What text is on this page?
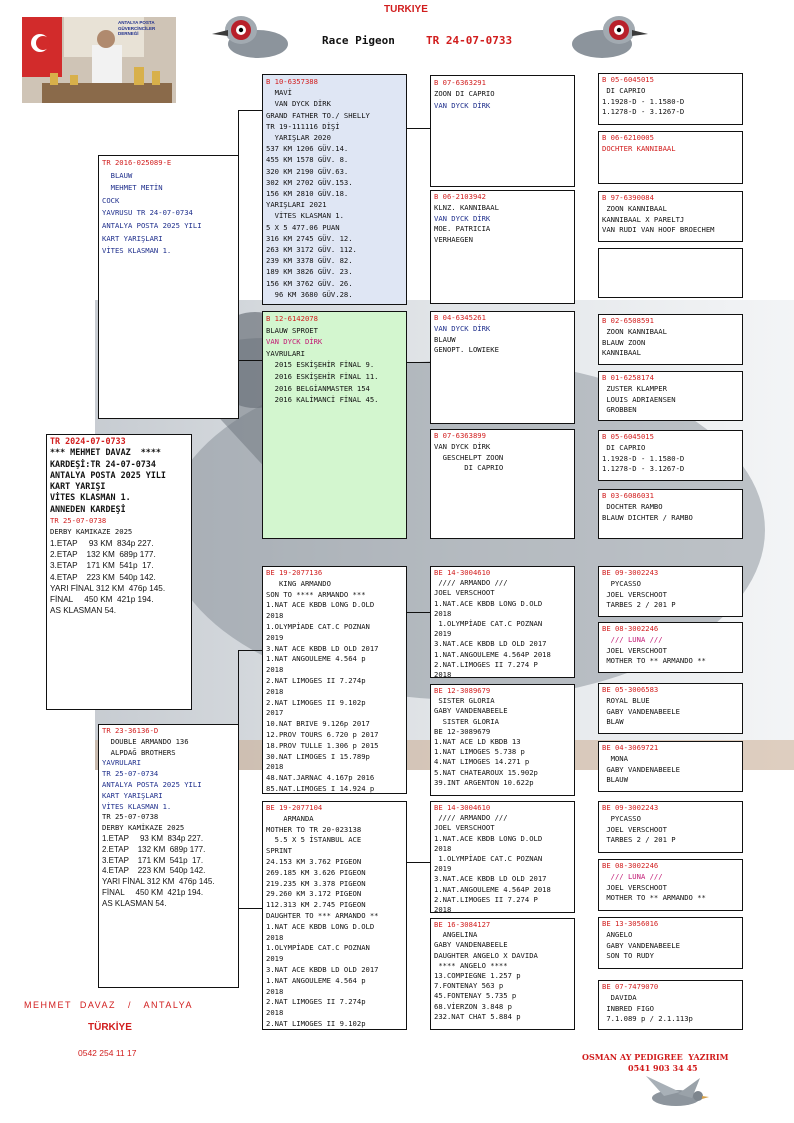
TURKIYE
Race Pigeon	TR 24-07-0733
ANTALYA POSTA
GÜVERCİNCİLER
DERNEĞİ
TR 2024-07-0733
*** MEHMET DAVAZ  ****
KARDEŞİ:TR 24-07-0734
ANTALYA POSTA 2025 YILI
KART YARIŞI
VİTES KLASMAN 1.
ANNEDEN KARDEŞİ
TR 25-07-0738
DERBY KAMIKAZE 2025
1.ETAP     93 KM  834p 227.
2.ETAP    132 KM  689p 177.
3.ETAP    171 KM  541p  17.
4.ETAP    223 KM  540p 142.
YARI FİNAL 312 KM  476p 145.
FİNAL     450 KM  421p 194.
AS KLASMAN 54.
TR 2016-025089-E
BLAUW
MEHMET METİN
COCK
YAVRUSU TR 24-07-0734
ANTALYA POSTA 2025 YILI
KART YARIŞLARI
VİTES KLASMAN 1.
TR 23-36136-D
DOUBLE ARMANDO 136
ALPDAĞ BROTHERS
YAVRULARI
TR 25-07-0734
ANTALYA POSTA 2025 YILI
KART YARIŞLARI
VİTES KLASMAN 1.
TR 25-07-0738
DERBY KAMİKAZE 2025
1.ETAP     93 KM  834p 227.
2.ETAP    132 KM  689p 177.
3.ETAP    171 KM  541p  17.
4.ETAP    223 KM  540p 142.
YARI FİNAL 312 KM  476p 145.
FİNAL     450 KM  421p 194.
AS KLASMAN 54.
B 10-6357388
MAVİ
VAN DYCK DİRK
GRAND FATHER TO./ SHELLY
TR 19-111116 DİŞİ
YARIŞLAR 2020
537 KM 1206 GÜV.14.
455 KM 1578 GÜV. 8.
320 KM 2190 GÜV.63.
302 KM 2702 GÜV.153.
156 KM 2810 GÜV.18.
YARIŞLARI 2021
VİTES KLASMAN 1.
5 X 5 477.06 PUAN
316 KM 2745 GÜV. 12.
263 KM 3172 GÜV. 112.
239 KM 3378 GÜV. 82.
189 KM 3826 GÜV. 23.
156 KM 3762 GÜV. 26.
96 KM 3680 GÜV.28.
B 12-6142078
BLAUW SPROET
VAN DYCK DİRK
YAVRULARI
2015 ESKİŞEHİR FİNAL 9.
2016 ESKİŞEHİR FİNAL 11.
2016 BELGİANMASTER 154
2016 KALİMANCİ FİNAL 45.
BE 19-2077136
KING ARMANDO
SON TO **** ARMANDO ***
1.NAT ACE KBDB LONG D.OLD
2018
1.OLYMPİADE CAT.C POZNAN
2019
3.NAT ACE KBDB LD OLD 2017
1.NAT ANGOULEME 4.564 p
2018
2.NAT LIMOGES II 7.274p
2018
2.NAT LIMOGES II 9.102p
2017
10.NAT BRIVE 9.126p 2017
12.PROV TOURS 6.720 p 2017
18.PROV TULLE 1.306 p 2015
30.NAT LIMOGES I 15.789p
2018
48.NAT.JARNAC 4.167p 2016
85.NAT.LIMOGES I 14.924 p
BE 19-2077104
ARMANDA
MOTHER TO TR 20-023138
5.5 X 5 İSTANBUL ACE
SPRINT
24.153 KM 3.762 PIGEON
269.185 KM 3.626 PIGEON
219.235 KM 3.378 PIGEON
29.260 KM 3.172 PIGEON
112.313 KM 2.745 PIGEON
DAUGHTER TO *** ARMANDO **
1.NAT ACE KBDB LONG D.OLD
2018
1.OLYMPİADE CAT.C POZNAN
2019
3.NAT ACE KBDB LD OLD 2017
1.NAT ANGOULEME 4.564 p
2018
2.NAT LIMOGES II 7.274p
2018
2.NAT LIMOGES II 9.102p
B 07-6363291
ZOON DI CAPRIO
VAN DYCK DİRK
B 06-2103942
KLNZ. KANNIBAAL
VAN DYCK DİRK
MOE. PATRICIA
VERHAEGEN
B 04-6345261
VAN DYCK DİRK
BLAUW
GENOPT. LOWIEKE
B 07-6363899
VAN DYCK DİRK
GESCHELPT ZOON
DI CAPRIO
BE 14-3004610
//// ARMANDO ///
JOEL VERSCHOOT
1.NAT.ACE KBDB LONG D.OLD
2018
1.OLYMPİADE CAT.C POZNAN
2019
3.NAT.ACE KBDB LD OLD 2017
1.NAT.ANGOULEME 4.564P 2018
2.NAT.LIMOGES II 7.274 P
2018
BE 12-3089679
SISTER GLORIA
GABY VANDENABEELE
SISTER GLORIA
BE 12-3089679
1.NAT ACE LD KBDB 13
1.NAT LIMOGES 5.738 p
4.NAT LIMOGES 14.271 p
5.NAT CHATEAROUX 15.902p
39.INT ARGENTON 10.622p
BE 14-3004610
//// ARMANDO ///
JOEL VERSCHOOT
1.NAT.ACE KBDB LONG D.OLD
2018
1.OLYMPİADE CAT.C POZNAN
2019
3.NAT.ACE KBDB LD OLD 2017
1.NAT.ANGOULEME 4.564P 2018
2.NAT.LIMOGES II 7.274 P
2018
BE 16-3084127
ANGELINA
GABY VANDENABEELE
DAUGHTER ANGELO X DAVIDA
**** ANGELO ****
13.COMPIEGNE 1.257 p
7.FONTENAY 563 p
45.FONTENAY 5.735 p
68.VİERZON 3.848 p
232.NAT CHAT 5.884 p
B 05-6045015
DI CAPRIO
1.1928-D - 1.1580-D
1.1278-D - 3.1267-D
B 06-6210005
DOCHTER KANNIBAAL
B 97-6390084
ZOON KANNIBAAL
KANNIBAAL X PARELTJ
VAN RUDI VAN HOOF BROECHEM
B 02-6508591
ZOON KANNIBAAL
BLAUW ZOON
KANNIBAAL
B 01-6258174
ZUSTER KLAMPER
LOUIS ADRIAENSEN
GROBBEN
B 05-6045015
DI CAPRIO
1.1928-D - 1.1580-D
1.1278-D - 3.1267-D
B 03-6086031
DOCHTER RAMBO
BLAUW DICHTER / RAMBO
BE 09-3002243
PYCASSO
JOEL VERSCHOOT
TARBES 2 / 201 P
BE 08-3002246
/// LUNA ///
JOEL VERSCHOOT
MOTHER TO ** ARMANDO **
BE 05-3006583
ROYAL BLUE
GABY VANDENABEELE
BLAW
BE 04-3069721
MONA
GABY VANDENABEELE
BLAUW
BE 09-3002243
PYCASSO
JOEL VERSCHOOT
TARBES 2 / 201 P
BE 08-3002246
/// LUNA ///
JOEL VERSCHOOT
MOTHER TO ** ARMANDO **
BE 13-3056016
ANGELO
GABY VANDENABEELE
SON TO RUDY
BE 07-7479070
DAVIDA
INBRED FIGO
7.1.089 p / 2.1.113p
MEHMET  DAVAZ   /   ANTALYA
TÜRKİYE
0542 254 11 17	OSMAN AY PEDIGREE  YAZIRIM
0541 903 34 45
